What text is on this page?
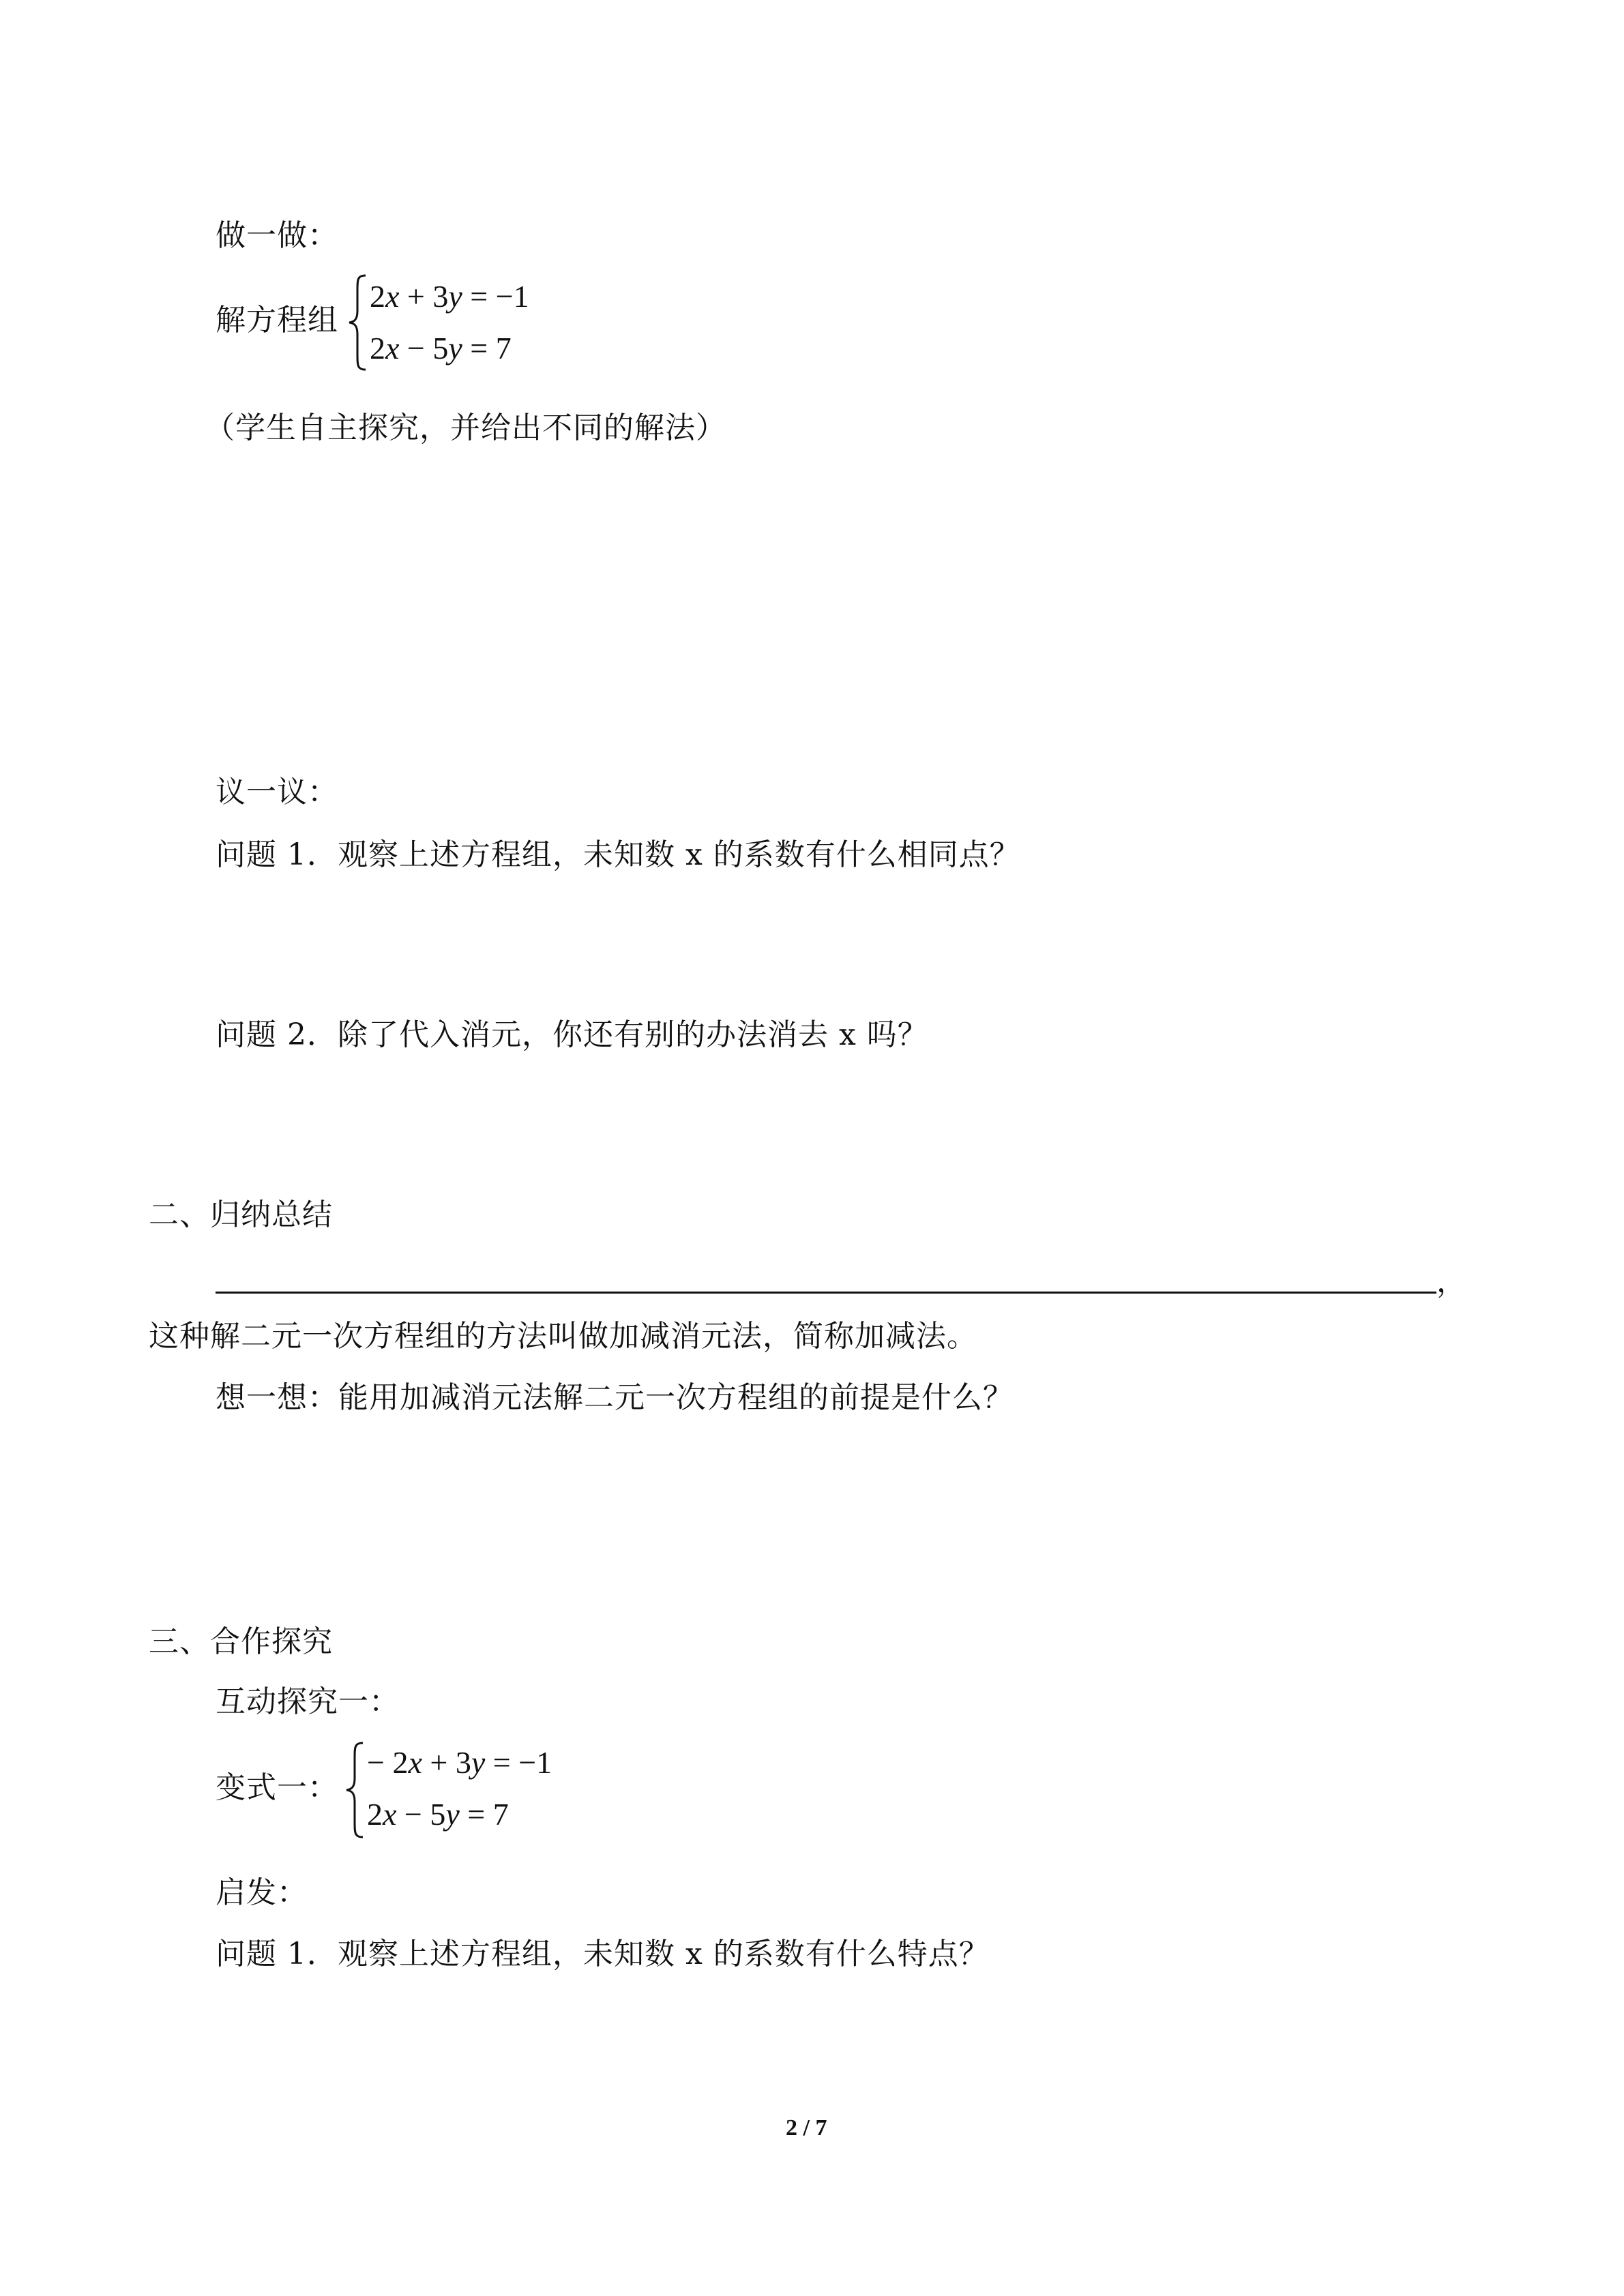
做一做：
解方程组
2x + 3y = −1
2x − 5y = 7
（学生自主探究，并给出不同的解法）
议一议：
问题 1．观察上述方程组，未知数 x 的系数有什么相同点？
问题 2．除了代入消元，你还有别的办法消去 x 吗？
二、归纳总结
，
这种解二元一次方程组的方法叫做加减消元法，简称加减法。
想一想：能用加减消元法解二元一次方程组的前提是什么？
三、合作探究
互动探究一：
变式一：
− 2x + 3y = −1
2x − 5y = 7
启发：
问题 1．观察上述方程组，未知数 x 的系数有什么特点？
2 / 7
